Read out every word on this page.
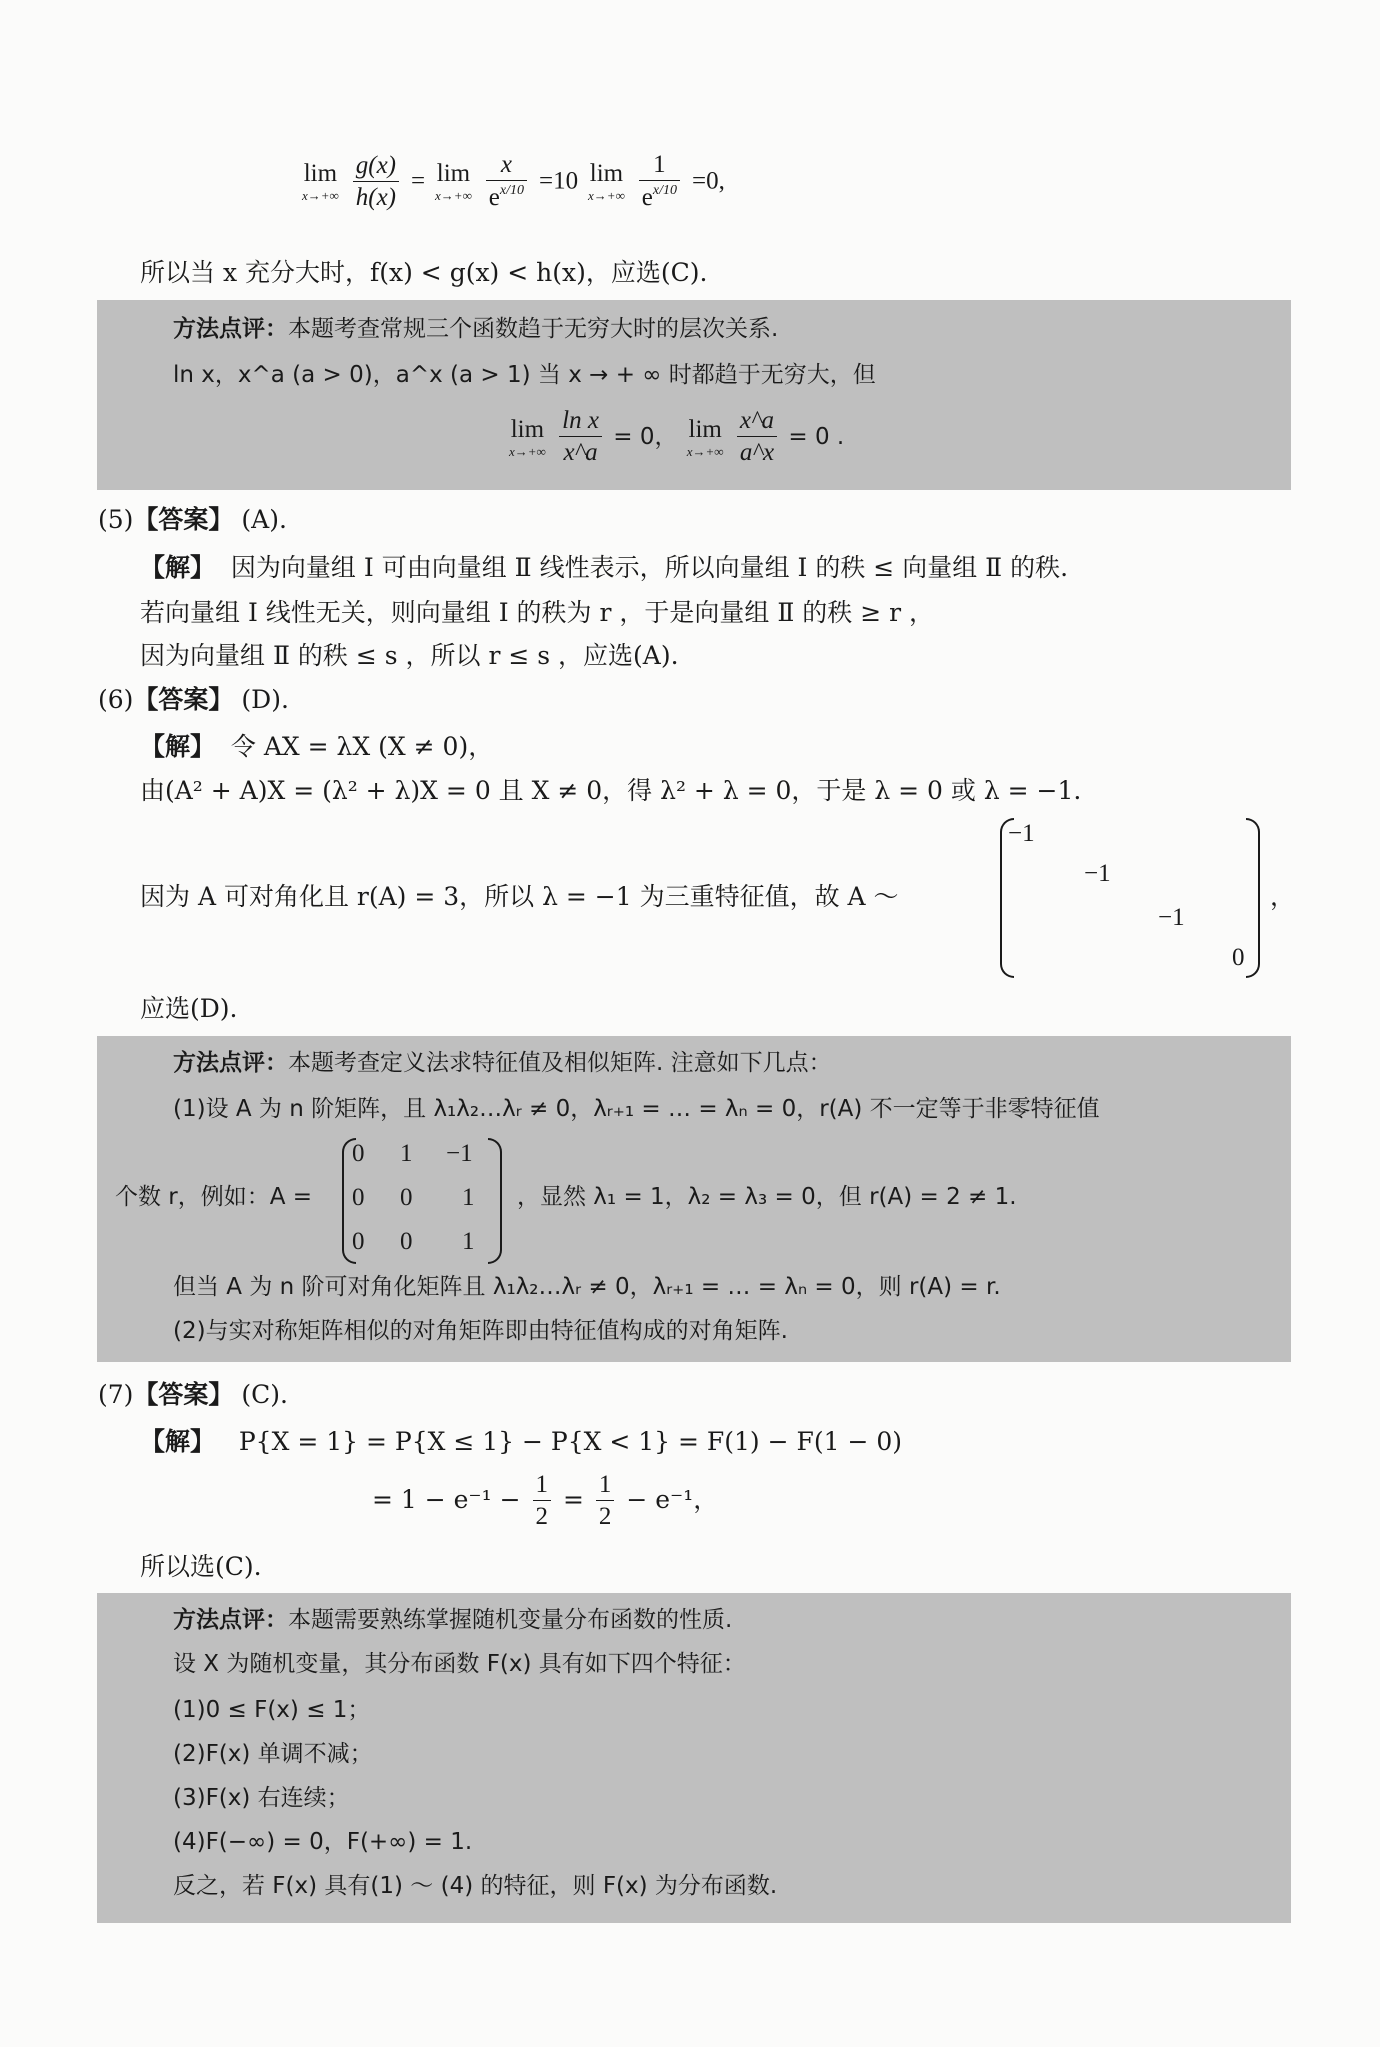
lim
x→+∞
$\frac{g(x)}{h(x)} = \lim$
x→+∞
$\frac{x}{e^{x/10}} =10$ lim
x→+∞
$\frac{1}{e^{x/10}} =0$,
所以当 x 充分大时，f(x) < g(x) < h(x)，应选(C).
方法点评：本题考查常规三个函数趋于无穷大时的层次关系.
ln x，x^a (a > 0)，a^x (a > 1) 当 x → + ∞ 时都趋于无穷大，但
lim
x→+∞
$\frac{\text{ln x}}{x\^{}a} = 0$， lim
x→+∞
$\frac{x\^{}a}{a\^{}x} = 0$ .
(5)【答案】 (A).
【解】 因为向量组 Ⅰ 可由向量组 Ⅱ 线性表示，所以向量组 Ⅰ 的秩 ≤ 向量组 Ⅱ 的秩.
若向量组 Ⅰ 线性无关，则向量组 Ⅰ 的秩为 r ，于是向量组 Ⅱ 的秩 ≥ r ，
因为向量组 Ⅱ 的秩 ≤ s ，所以 r ≤ s ，应选(A).
(6)【答案】 (D).
【解】 令 AX = λX (X ≠ 0)，
由(A² + A)X = (λ² + λ)X = 0 且 X ≠ 0，得 λ² + λ = 0，于是 λ = 0 或 λ = −1.
因为 A 可对角化且 r(A) = 3，所以 λ = −1 为三重特征值，故 A ～
−1
−1
−1
0
，
应选(D).
方法点评：本题考查定义法求特征值及相似矩阵. 注意如下几点：
(1)设 A 为 n 阶矩阵，且 λ₁λ₂…λᵣ ≠ 0，λᵣ₊₁ = … = λₙ = 0，r(A) 不一定等于非零特征值
个数 r，例如：A =
0 1 −1
0 0 1
0 0 1
，显然 λ₁ = 1，λ₂ = λ₃ = 0，但 r(A) = 2 ≠ 1.
但当 A 为 n 阶可对角化矩阵且 λ₁λ₂…λᵣ ≠ 0，λᵣ₊₁ = … = λₙ = 0，则 r(A) = r.
(2)与实对称矩阵相似的对角矩阵即由特征值构成的对角矩阵.
(7)【答案】 (C).
【解】 P{X = 1} = P{X ≤ 1} − P{X < 1} = F(1) − F(1 − 0)
= $1 - e^{-1} - \frac{1}{2} = \frac{1}{2} - e^{-1}$，
所以选(C).
方法点评：本题需要熟练掌握随机变量分布函数的性质.
设 X 为随机变量，其分布函数 F(x) 具有如下四个特征：
(1)0 ≤ F(x) ≤ 1；
(2)F(x) 单调不减；
(3)F(x) 右连续；
(4)F(−∞) = 0，F(+∞) = 1.
反之，若 F(x) 具有(1) ～ (4) 的特征，则 F(x) 为分布函数.
